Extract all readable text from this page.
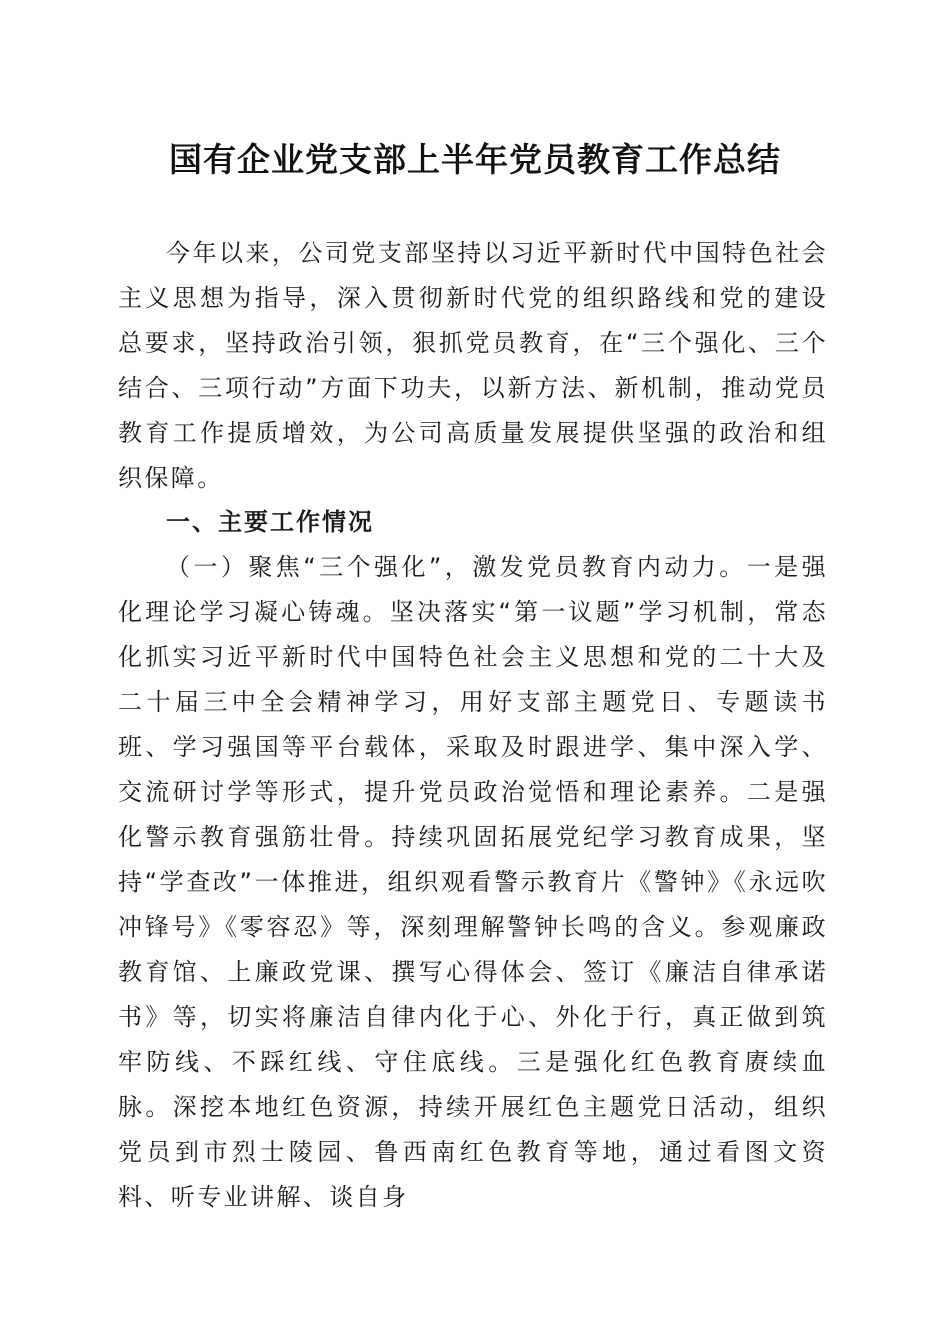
国有企业党支部上半年党员教育工作总结

今年以来，公司党支部坚持以习近平新时代中国特色社会主义思想为指导，深入贯彻新时代党的组织路线和党的建设总要求，坚持政治引领，狠抓党员教育，在“三个强化、三个结合、三项行动”方面下功夫，以新方法、新机制，推动党员教育工作提质增效，为公司高质量发展提供坚强的政治和组织保障。

一、主要工作情况

（一）聚焦“三个强化”，激发党员教育内动力。一是强化理论学习凝心铸魂。坚决落实“第一议题”学习机制，常态化抓实习近平新时代中国特色社会主义思想和党的二十大及二十届三中全会精神学习，用好支部主题党日、专题读书班、学习强国等平台载体，采取及时跟进学、集中深入学、交流研讨学等形式，提升党员政治觉悟和理论素养。二是强化警示教育强筋壮骨。持续巩固拓展党纪学习教育成果，坚持“学查改”一体推进，组织观看警示教育片《警钟》《永远吹冲锋号》《零容忍》等，深刻理解警钟长鸣的含义。参观廉政教育馆、上廉政党课、撰写心得体会、签订《廉洁自律承诺书》等，切实将廉洁自律内化于心、外化于行，真正做到筑牢防线、不踩红线、守住底线。三是强化红色教育赓续血脉。深挖本地红色资源，持续开展红色主题党日活动，组织党员到市烈士陵园、鲁西南红色教育等地，通过看图文资料、听专业讲解、谈自身
